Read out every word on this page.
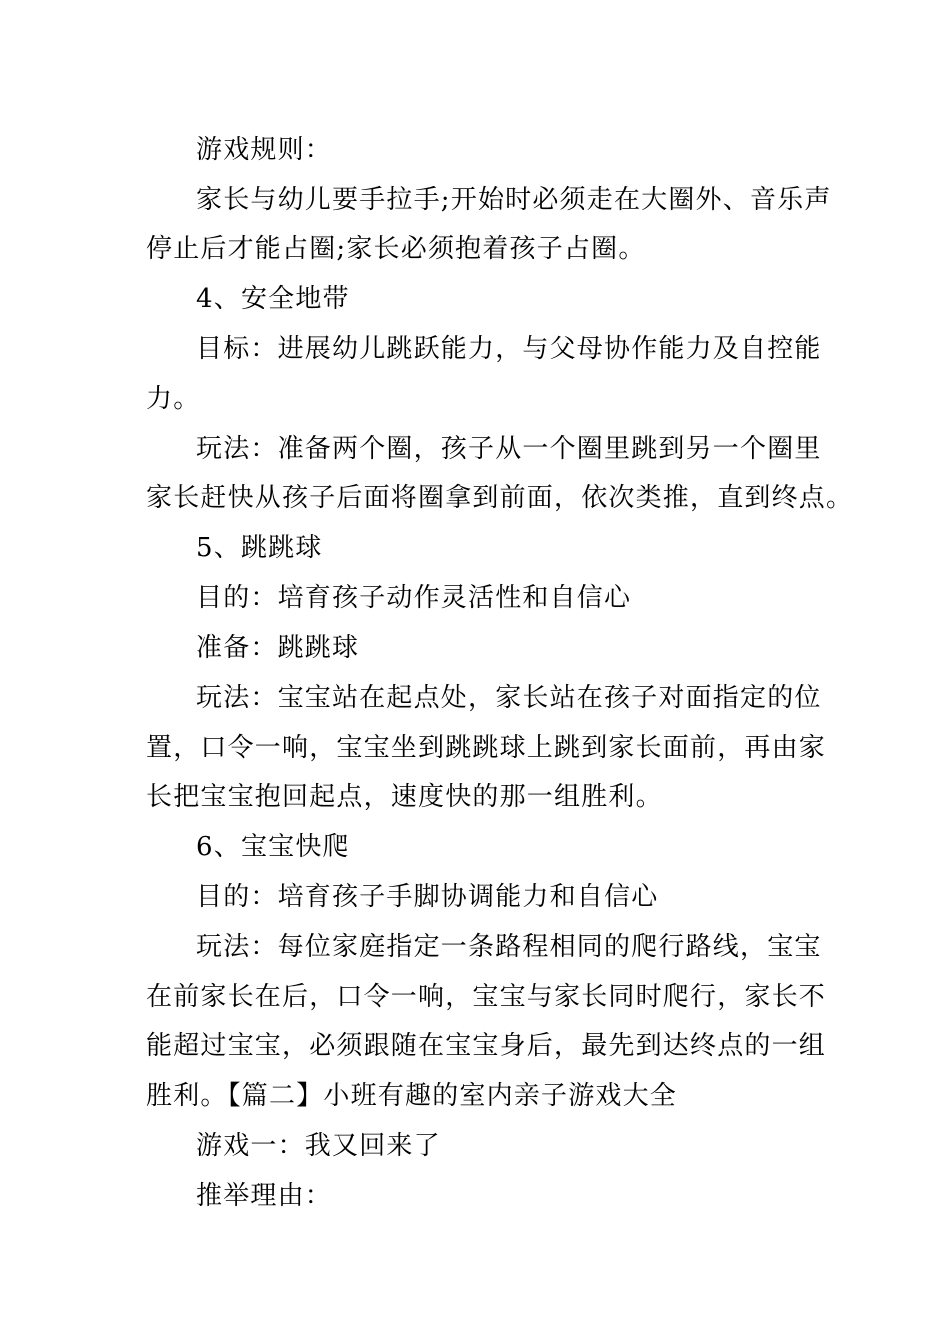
游戏规则：
家长与幼儿要手拉手;开始时必须走在大圈外、音乐声
停止后才能占圈;家长必须抱着孩子占圈。
4、安全地带
目标：进展幼儿跳跃能力，与父母协作能力及自控能
力。
玩法：准备两个圈，孩子从一个圈里跳到另一个圈里
家长赶快从孩子后面将圈拿到前面，依次类推，直到终点。
5、跳跳球
目的：培育孩子动作灵活性和自信心
准备：跳跳球
玩法：宝宝站在起点处，家长站在孩子对面指定的位
置，口令一响，宝宝坐到跳跳球上跳到家长面前，再由家
长把宝宝抱回起点，速度快的那一组胜利。
6、宝宝快爬
目的：培育孩子手脚协调能力和自信心
玩法：每位家庭指定一条路程相同的爬行路线，宝宝
在前家长在后，口令一响，宝宝与家长同时爬行，家长不
能超过宝宝，必须跟随在宝宝身后，最先到达终点的一组
胜利。【篇二】小班有趣的室内亲子游戏大全
游戏一：我又回来了
推举理由：
